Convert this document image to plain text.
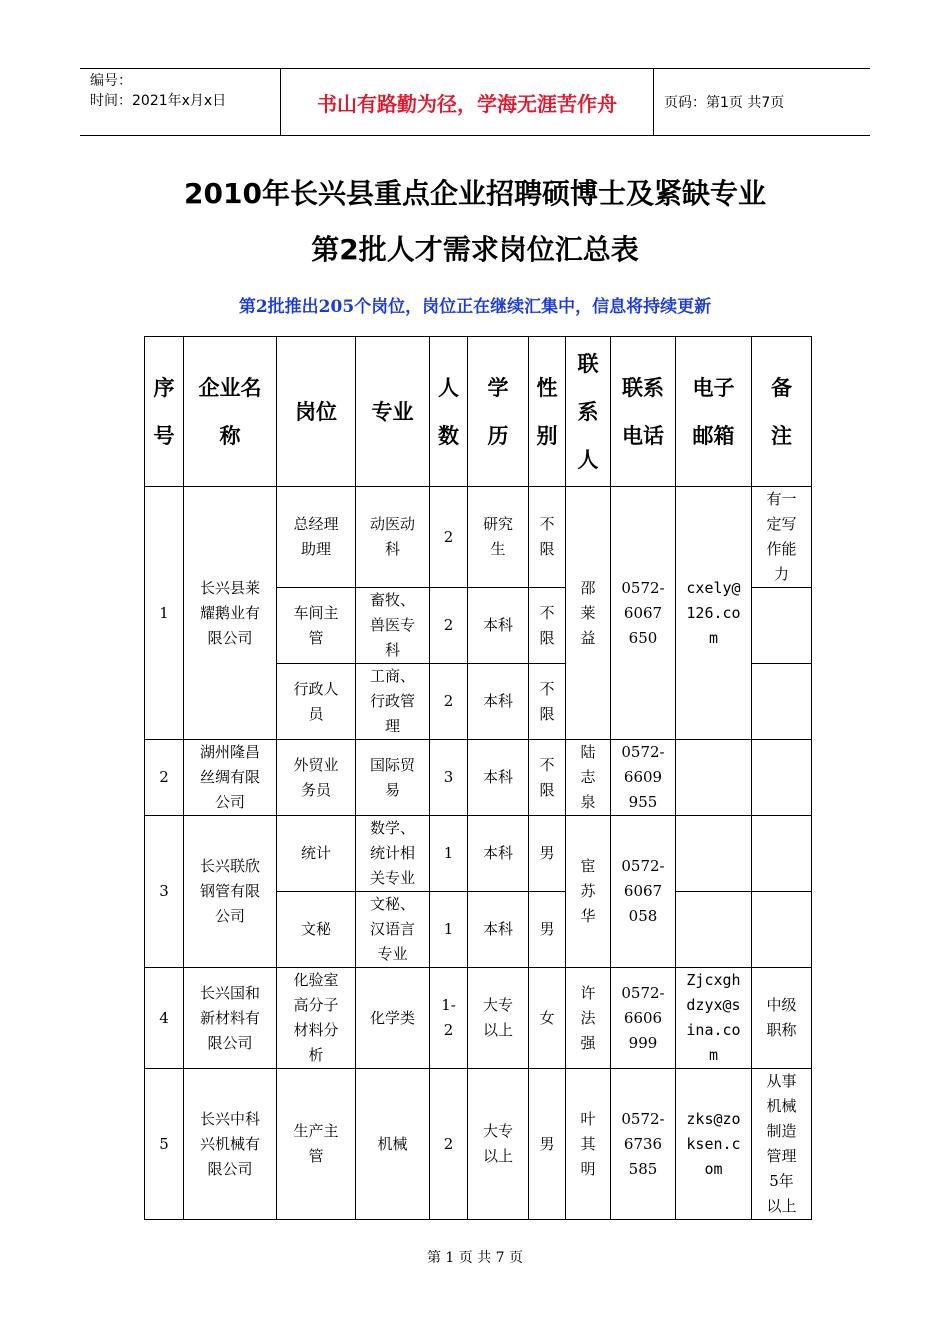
编号：
时间：2021年x月x日	书山有路勤为径，学海无涯苦作舟	页码：第1页 共7页
2010年长兴县重点企业招聘硕博士及紧缺专业
第2批人才需求岗位汇总表
第2批推出205个岗位，岗位正在继续汇集中，信息将持续更新
序号	企业名称	岗位	专业	人数	学历	性别	联系人	联系电话	电子邮箱	备注
1	长兴县莱耀鹅业有限公司	总经理助理	动医动科	2	研究生	不限	邵莱益	0572-6067650	cxely@126.com	有一定写作能力
		车间主管	畜牧、兽医专科	2	本科	不限				
		行政人员	工商、行政管理	2	本科	不限				
2	湖州隆昌丝绸有限公司	外贸业务员	国际贸易	3	本科	不限	陆志泉	0572-6609955		
3	长兴联欣钢管有限公司	统计	数学、统计相关专业	1	本科	男	宦苏华	0572-6067058		
		文秘	文秘、汉语言专业	1	本科	男				
4	长兴国和新材料有限公司	化验室高分子材料分析	化学类	1-2	大专以上	女	许法强	0572-6606999	Zjcxghdzyx@sina.com	中级职称
5	长兴中科兴机械有限公司	生产主管	机械	2	大专以上	男	叶其明	0572-6736585	zks@zoksen.com	从事机械制造管理5年以上
第 1 页 共 7 页
